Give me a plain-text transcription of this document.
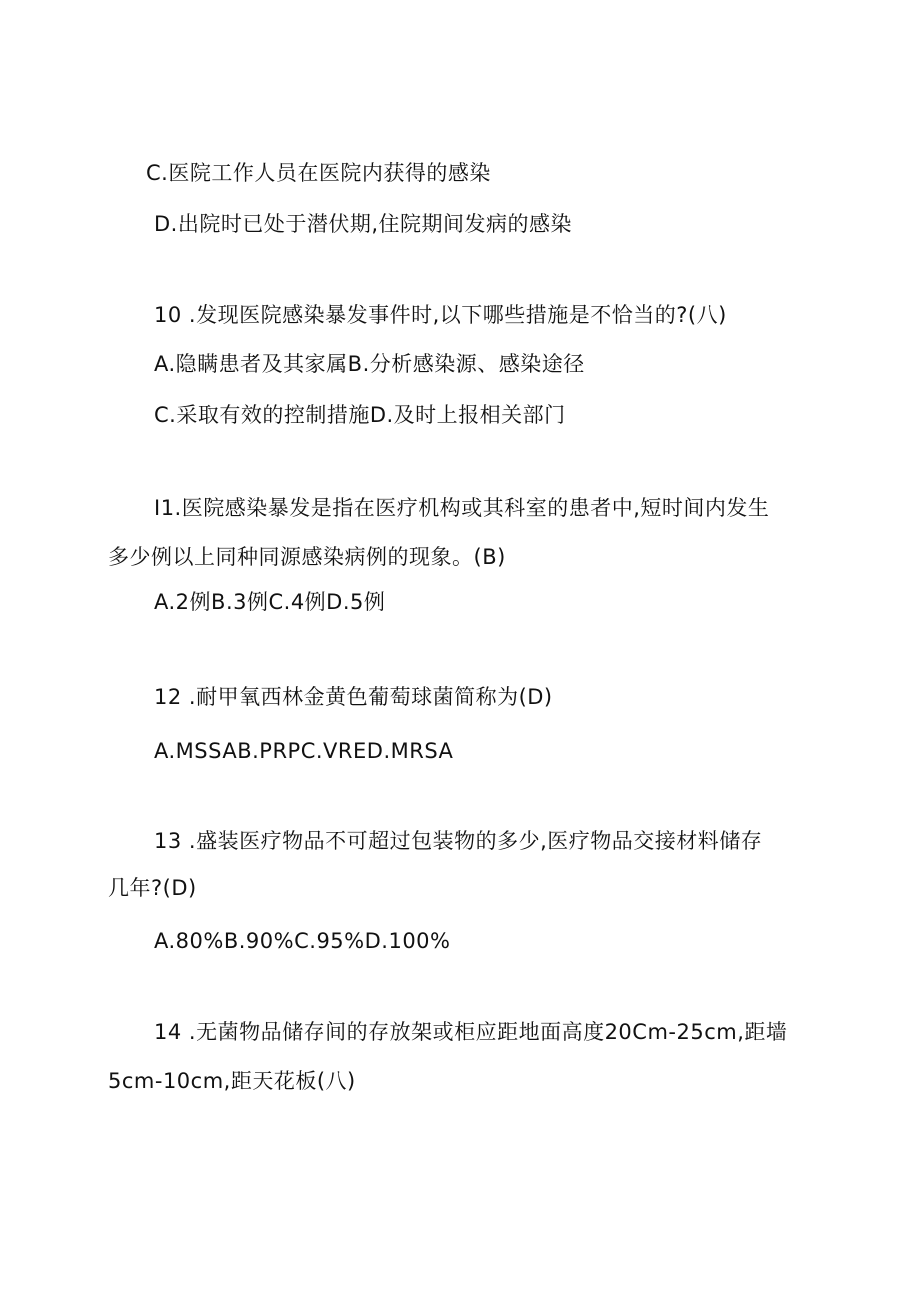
C.医院工作人员在医院内获得的感染
D.出院时已处于潜伏期,住院期间发病的感染
10 .发现医院感染暴发事件时,以下哪些措施是不恰当的?(八)
A.隐瞒患者及其家属B.分析感染源、感染途径
C.采取有效的控制措施D.及时上报相关部门
I1.医院感染暴发是指在医疗机构或其科室的患者中,短时间内发生
多少例以上同种同源感染病例的现象。(B)
A.2例B.3例C.4例D.5例
12 .耐甲氧西林金黄色葡萄球菌简称为(D)
A.MSSAB.PRPC.VRED.MRSA
13 .盛装医疗物品不可超过包装物的多少,医疗物品交接材料储存
几年?(D)
A.80%B.90%C.95%D.100%
14 .无菌物品储存间的存放架或柜应距地面高度20Cm-25cm,距墙
5cm-10cm,距天花板(八)
